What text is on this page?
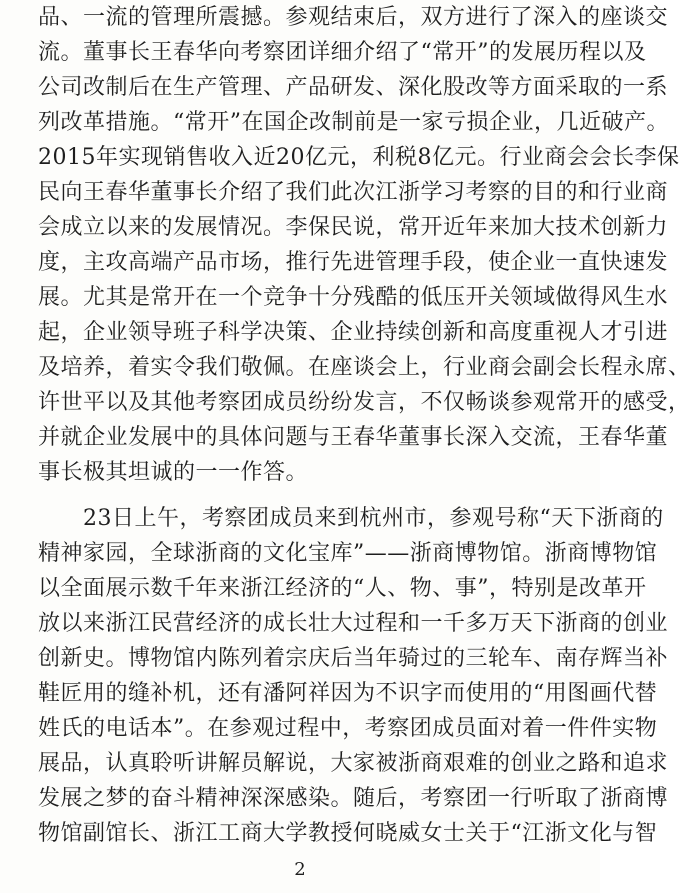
品、一流的管理所震撼。参观结束后，双方进行了深入的座谈交
流。董事长王春华向考察团详细介绍了“常开”的发展历程以及
公司改制后在生产管理、产品研发、深化股改等方面采取的一系
列改革措施。“常开”在国企改制前是一家亏损企业，几近破产。
2015年实现销售收入近20亿元，利税8亿元。行业商会会长李保
民向王春华董事长介绍了我们此次江浙学习考察的目的和行业商
会成立以来的发展情况。李保民说，常开近年来加大技术创新力
度，主攻高端产品市场，推行先进管理手段，使企业一直快速发
展。尤其是常开在一个竞争十分残酷的低压开关领域做得风生水
起，企业领导班子科学决策、企业持续创新和高度重视人才引进
及培养，着实令我们敬佩。在座谈会上，行业商会副会长程永席、
许世平以及其他考察团成员纷纷发言，不仅畅谈参观常开的感受，
并就企业发展中的具体问题与王春华董事长深入交流，王春华董
事长极其坦诚的一一作答。
　　23日上午，考察团成员来到杭州市，参观号称“天下浙商的
精神家园，全球浙商的文化宝库”——浙商博物馆。浙商博物馆
以全面展示数千年来浙江经济的“人、物、事”，特别是改革开
放以来浙江民营经济的成长壮大过程和一千多万天下浙商的创业
创新史。博物馆内陈列着宗庆后当年骑过的三轮车、南存辉当补
鞋匠用的缝补机，还有潘阿祥因为不识字而使用的“用图画代替
姓氏的电话本”。在参观过程中，考察团成员面对着一件件实物
展品，认真聆听讲解员解说，大家被浙商艰难的创业之路和追求
发展之梦的奋斗精神深深感染。随后，考察团一行听取了浙商博
物馆副馆长、浙江工商大学教授何晓威女士关于“江浙文化与智
2
